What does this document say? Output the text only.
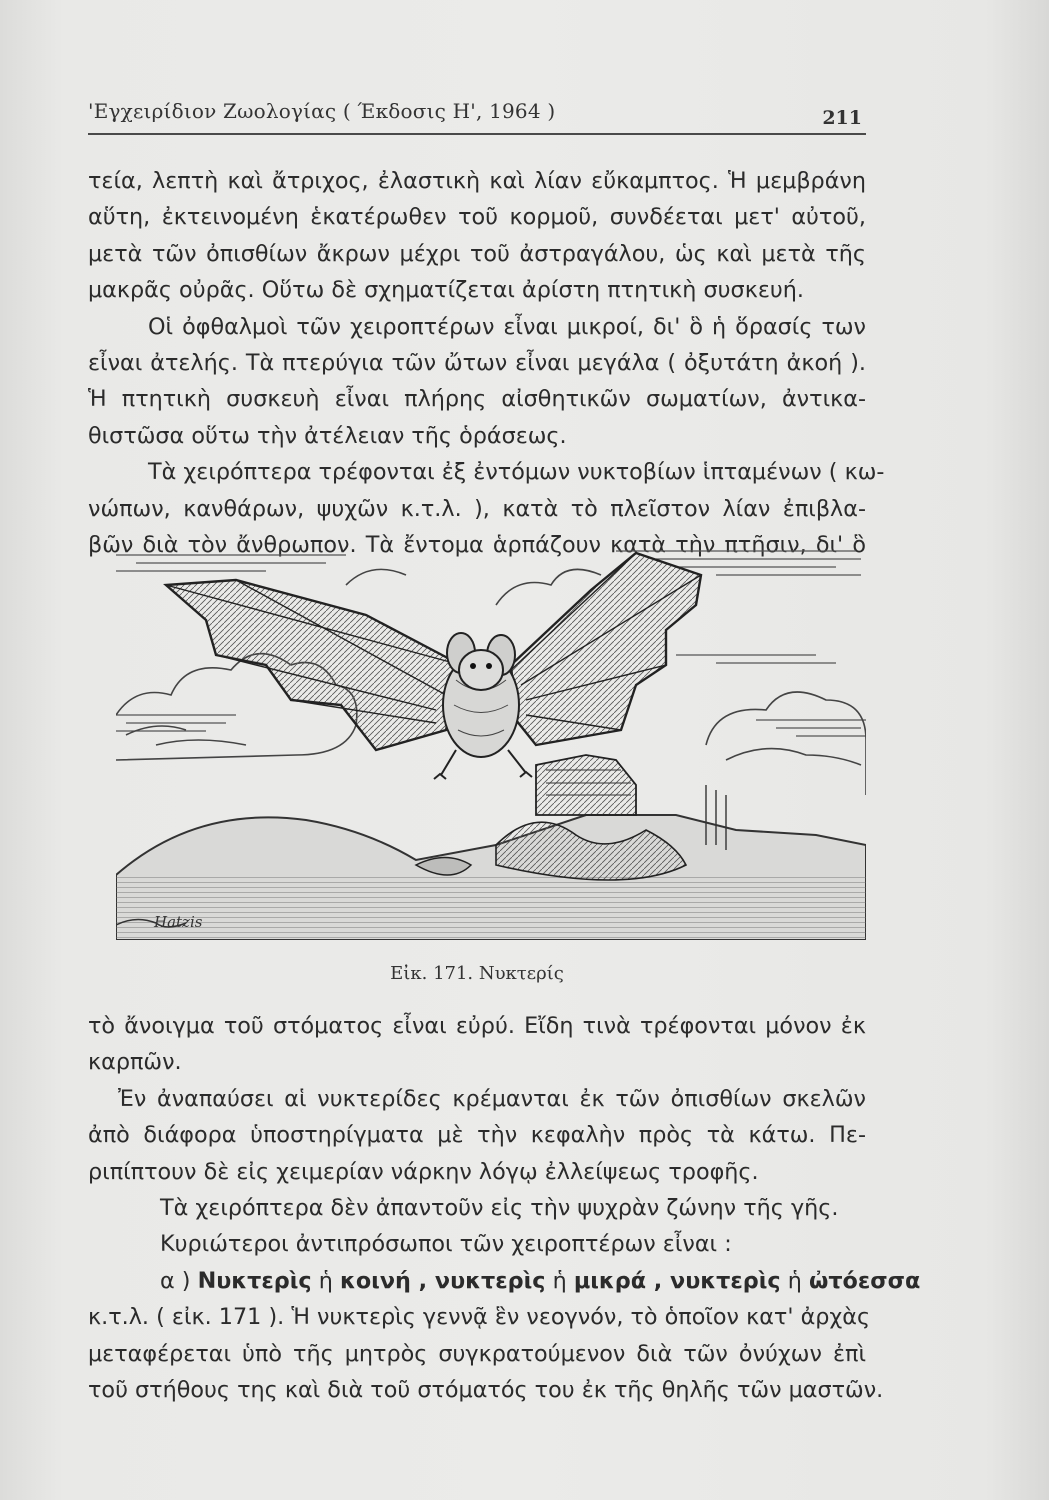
'Εγχειρίδιον Ζωολογίας ( Έκδοσις Η', 1964 )	211
τεία, λεπτὴ καὶ ἄτριχος, ἐλαστικὴ καὶ λίαν εὔκαμπτος. Ἡ μεμβράνη
αὕτη, ἐκτεινομένη ἑκατέρωθεν τοῦ κορμοῦ, συνδέεται μετ' αὐτοῦ,
μετὰ τῶν ὀπισθίων ἄκρων μέχρι τοῦ ἀστραγάλου, ὡς καὶ μετὰ τῆς
μακρᾶς οὐρᾶς. Οὕτω δὲ σχηματίζεται ἀρίστη πτητικὴ συσκευή.
Οἱ ὀφθαλμοὶ τῶν χειροπτέρων εἶναι μικροί, δι' ὃ ἡ ὅρασίς των
εἶναι ἀτελής. Τὰ πτερύγια τῶν ὤτων εἶναι μεγάλα ( ὀξυτάτη ἀκοή ).
Ἡ πτητικὴ συσκευὴ εἶναι πλήρης αἰσθητικῶν σωματίων, ἀντικα-
θιστῶσα οὕτω τὴν ἀτέλειαν τῆς ὁράσεως.
Τὰ χειρόπτερα τρέφονται ἐξ ἐντόμων νυκτοβίων ἱπταμένων ( κω-
νώπων, κανθάρων, ψυχῶν κ.τ.λ. ), κατὰ τὸ πλεῖστον λίαν ἐπιβλα-
βῶν διὰ τὸν ἄνθρωπον. Τὰ ἔντομα ἁρπάζουν κατὰ τὴν πτῆσιν, δι' ὃ
Hatzis
Εἰκ. 171. Νυκτερίς
τὸ ἄνοιγμα τοῦ στόματος εἶναι εὐρύ. Εἴδη τινὰ τρέφονται μόνον ἐκ
καρπῶν.
Ἐν ἀναπαύσει αἱ νυκτερίδες κρέμανται ἐκ τῶν ὀπισθίων σκελῶν
ἀπὸ διάφορα ὑποστηρίγματα μὲ τὴν κεφαλὴν πρὸς τὰ κάτω. Πε-
ριπίπτουν δὲ εἰς χειμερίαν νάρκην λόγῳ ἐλλείψεως τροφῆς.
Τὰ χειρόπτερα δὲν ἀπαντοῦν εἰς τὴν ψυχρὰν ζώνην τῆς γῆς.
Κυριώτεροι ἀντιπρόσωποι τῶν χειροπτέρων εἶναι :
α ) Νυκτερὶς ἡ κοινή , νυκτερὶς ἡ μικρά , νυκτερὶς ἡ ὠτόεσσα
κ.τ.λ. ( εἰκ. 171 ). Ἡ νυκτερὶς γεννᾷ ἓν νεογνόν, τὸ ὁποῖον κατ' ἀρχὰς
μεταφέρεται ὑπὸ τῆς μητρὸς συγκρατούμενον διὰ τῶν ὀνύχων ἐπὶ
τοῦ στήθους της καὶ διὰ τοῦ στόματός του ἐκ τῆς θηλῆς τῶν μαστῶν.
